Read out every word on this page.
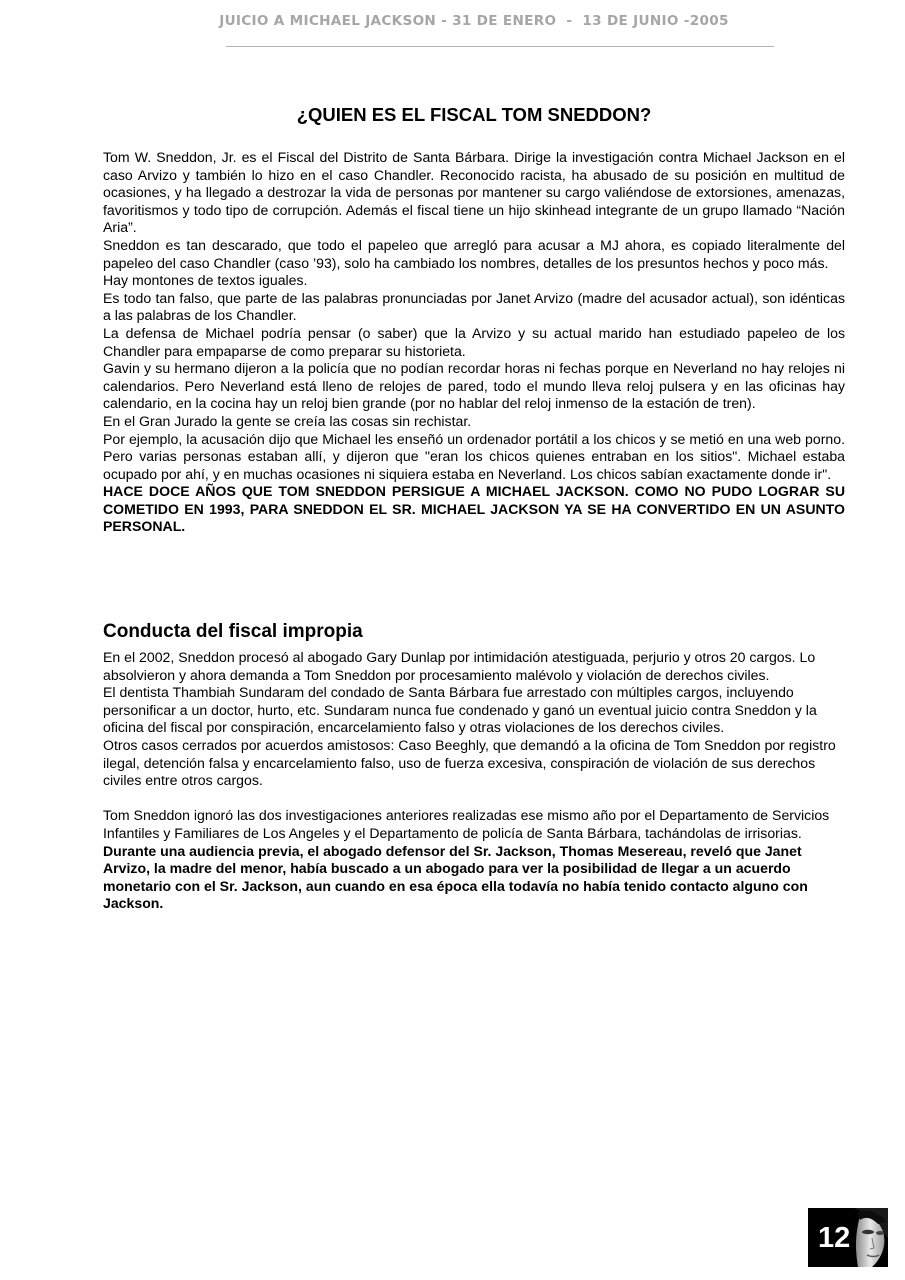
JUICIO A MICHAEL JACKSON - 31 DE ENERO  -  13 DE JUNIO -2005
¿QUIEN ES EL FISCAL TOM SNEDDON?

Tom W. Sneddon, Jr. es el Fiscal del Distrito de Santa Bárbara. Dirige la investigación contra Michael Jackson en el caso Arvizo y también lo hizo en el caso Chandler. Reconocido racista, ha abusado de su posición en multitud de ocasiones, y ha llegado a destrozar la vida de personas por mantener su cargo valiéndose de extorsiones, amenazas, favoritismos y todo tipo de corrupción. Además el fiscal tiene un hijo skinhead integrante de un grupo llamado “Nación Aria”.

Sneddon es tan descarado, que todo el papeleo que arregló para acusar a MJ ahora, es copiado literalmente del papeleo del caso Chandler (caso ’93), solo ha cambiado los nombres, detalles de los presuntos hechos y poco más.

Hay montones de textos iguales.

Es todo tan falso, que parte de las palabras pronunciadas por Janet Arvizo (madre del acusador actual), son idénticas a las palabras de los Chandler.

La defensa de Michael podría pensar (o saber) que la Arvizo y su actual marido han estudiado papeleo de los Chandler para empaparse de como preparar su historieta.

Gavin y su hermano dijeron a la policía que no podían recordar horas ni fechas porque en Neverland no hay relojes ni calendarios. Pero Neverland está lleno de relojes de pared, todo el mundo lleva reloj pulsera y en las oficinas hay calendario, en la cocina hay un reloj bien grande (por no hablar del reloj inmenso de la estación de tren).

En el Gran Jurado la gente se creía las cosas sin rechistar.

Por ejemplo, la acusación dijo que Michael les enseñó un ordenador portátil a los chicos y se metió en una web porno. Pero varias personas estaban allí, y dijeron que "eran los chicos quienes entraban en los sitios". Michael estaba ocupado por ahí, y en muchas ocasiones ni siquiera estaba en Neverland. Los chicos sabían exactamente donde ir".

HACE DOCE AÑOS QUE TOM SNEDDON PERSIGUE A MICHAEL JACKSON. COMO NO PUDO LOGRAR SU COMETIDO EN 1993, PARA SNEDDON EL SR. MICHAEL JACKSON YA SE HA CONVERTIDO EN UN ASUNTO PERSONAL.

Conducta del fiscal impropia

En el 2002, Sneddon procesó al abogado Gary Dunlap por intimidación atestiguada, perjurio y otros 20 cargos. Lo absolvieron y ahora demanda a Tom Sneddon por procesamiento malévolo y violación de derechos civiles.

El dentista Thambiah Sundaram del condado de Santa Bárbara fue arrestado con múltiples cargos, incluyendo personificar a un doctor, hurto, etc. Sundaram nunca fue condenado y ganó un eventual juicio contra Sneddon y la oficina del fiscal por conspiración, encarcelamiento falso y otras violaciones de los derechos civiles.

Otros casos cerrados por acuerdos amistosos: Caso Beeghly, que demandó a la oficina de Tom Sneddon por registro ilegal, detención falsa y encarcelamiento falso, uso de fuerza excesiva, conspiración de violación de sus derechos civiles entre otros cargos.

Tom Sneddon ignoró las dos investigaciones anteriores realizadas ese mismo año por el Departamento de Servicios Infantiles y Familiares de Los Angeles y el Departamento de policía de Santa Bárbara, tachándolas de irrisorias.

Durante una audiencia previa, el abogado defensor del Sr. Jackson, Thomas Mesereau, reveló que Janet Arvizo, la madre del menor, había buscado a un abogado para ver la posibilidad de llegar a un acuerdo monetario con el Sr. Jackson, aun cuando en esa época ella todavía no había tenido contacto alguno con Jackson.

12
